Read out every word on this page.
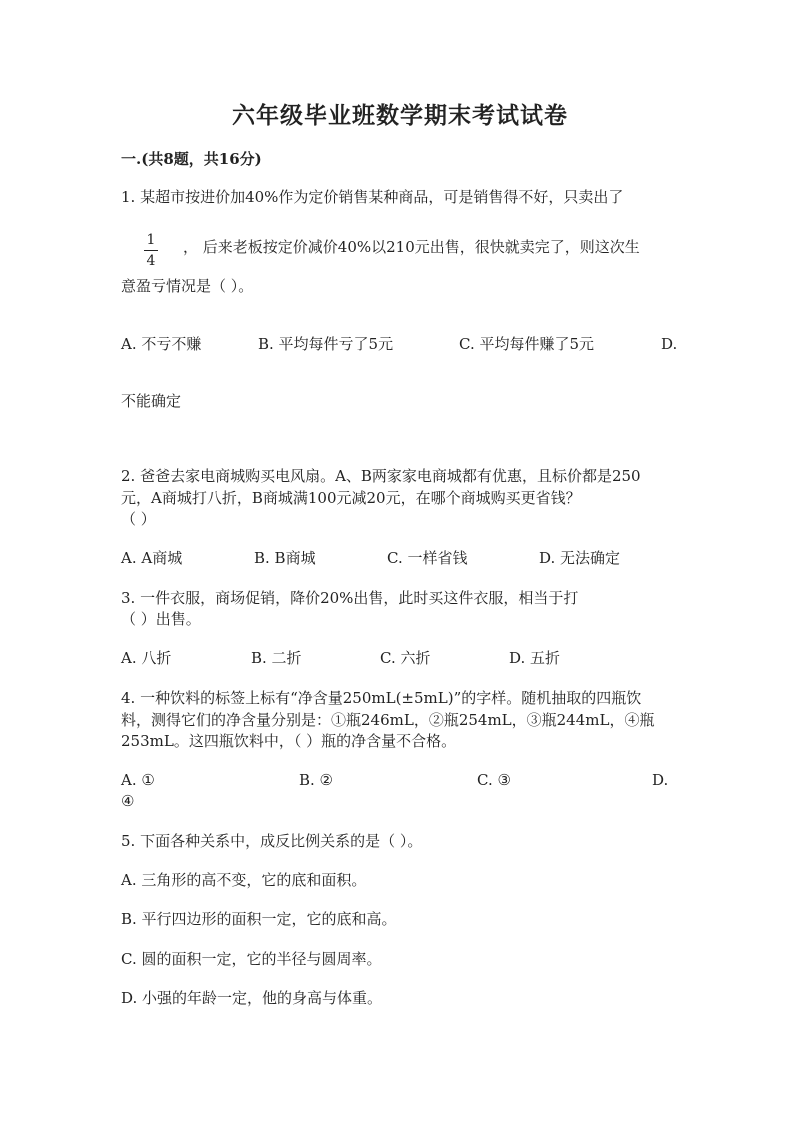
六年级毕业班数学期末考试试卷
一.(共8题，共16分)
1. 某超市按进价加40%作为定价销售某种商品，可是销售得不好，只卖出了
1
4
， 后来老板按定价减价40%以210元出售，很快就卖完了，则这次生
意盈亏情况是（ ）。
A. 不亏不赚	B. 平均每件亏了5元	C. 平均每件赚了5元	D.
不能确定
2. 爸爸去家电商城购买电风扇。A、B两家家电商城都有优惠，且标价都是250
元，A商城打八折，B商城满100元减20元，在哪个商城购买更省钱？
（ ）
A. A商城	B. B商城	C. 一样省钱	D. 无法确定
3. 一件衣服，商场促销，降价20%出售，此时买这件衣服，相当于打
（ ）出售。
A. 八折	B. 二折	C. 六折	D. 五折
4. 一种饮料的标签上标有“净含量250mL(±5mL)”的字样。随机抽取的四瓶饮
料，测得它们的净含量分别是：①瓶246mL，②瓶254mL，③瓶244mL，④瓶
253mL。这四瓶饮料中，（ ）瓶的净含量不合格。
A. ①	B. ②	C. ③	D.
④
5. 下面各种关系中，成反比例关系的是（ ）。
A. 三角形的高不变，它的底和面积。
B. 平行四边形的面积一定，它的底和高。
C. 圆的面积一定，它的半径与圆周率。
D. 小强的年龄一定，他的身高与体重。
